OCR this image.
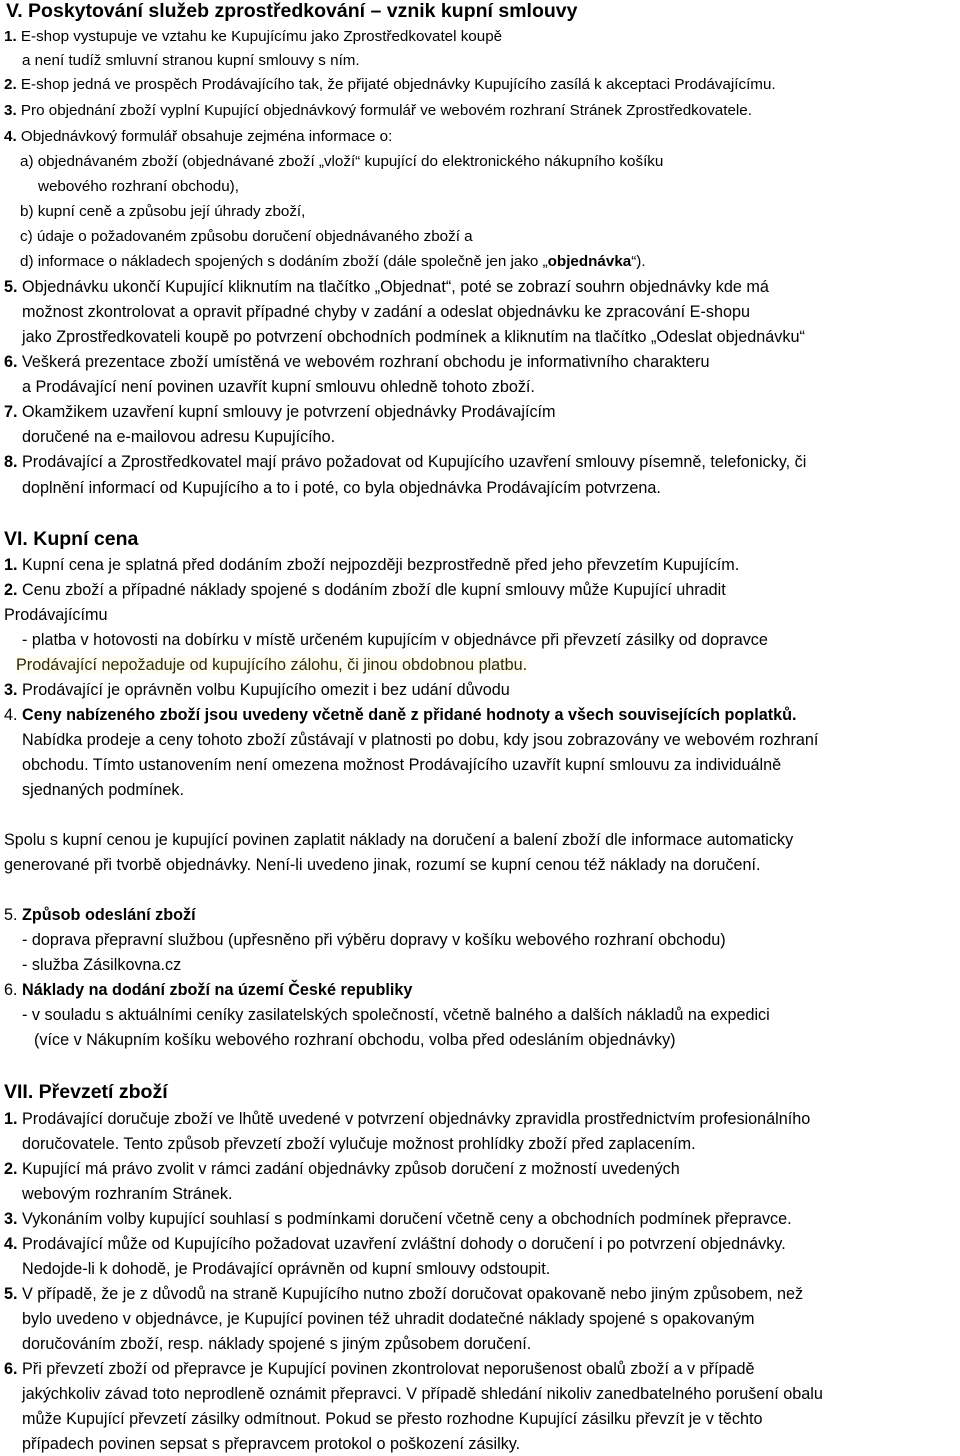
V. Poskytování služeb zprostředkování – vznik kupní smlouvy
1. E-shop vystupuje ve vztahu ke Kupujícímu jako Zprostředkovatel koupě
a není tudíž smluvní stranou kupní smlouvy s ním.
2. E-shop jedná ve prospěch Prodávajícího tak, že přijaté objednávky Kupujícího zasílá k akceptaci Prodávajícímu.
3. Pro objednání zboží vyplní Kupující objednávkový formulář ve webovém rozhraní Stránek Zprostředkovatele.
4. Objednávkový formulář obsahuje zejména informace o:
a) objednávaném zboží (objednávané zboží „vloží“ kupující do elektronického nákupního košíku
webového rozhraní obchodu),
b) kupní ceně a způsobu její úhrady zboží,
c) údaje o požadovaném způsobu doručení objednávaného zboží a
d) informace o nákladech spojených s dodáním zboží (dále společně jen jako „objednávka“).
5. Objednávku ukončí Kupující kliknutím na tlačítko „Objednat“, poté se zobrazí souhrn objednávky kde má
možnost zkontrolovat a opravit případné chyby v zadání a odeslat objednávku ke zpracování E-shopu
jako Zprostředkovateli koupě po potvrzení obchodních podmínek a kliknutím na tlačítko „Odeslat objednávku“
6. Veškerá prezentace zboží umístěná ve webovém rozhraní obchodu je informativního charakteru
a Prodávající není povinen uzavřít kupní smlouvu ohledně tohoto zboží.
7. Okamžikem uzavření kupní smlouvy je potvrzení objednávky Prodávajícím
doručené na e-mailovou adresu Kupujícího.
8. Prodávající a Zprostředkovatel mají právo požadovat od Kupujícího uzavření smlouvy písemně, telefonicky, či
doplnění informací od Kupujícího a to i poté, co byla objednávka Prodávajícím potvrzena.
VI. Kupní cena
1. Kupní cena je splatná před dodáním zboží nejpozději bezprostředně před jeho převzetím Kupujícím.
2. Cenu zboží a případné náklady spojené s dodáním zboží dle kupní smlouvy může Kupující uhradit
Prodávajícímu
- platba v hotovosti na dobírku v místě určeném kupujícím v objednávce při převzetí zásilky od dopravce
Prodávající nepožaduje od kupujícího zálohu, či jinou obdobnou platbu.
3. Prodávající je oprávněn volbu Kupujícího omezit i bez udání důvodu
4. Ceny nabízeného zboží jsou uvedeny včetně daně z přidané hodnoty a všech souvisejících poplatků.
Nabídka prodeje a ceny tohoto zboží zůstávají v platnosti po dobu, kdy jsou zobrazovány ve webovém rozhraní
obchodu. Tímto ustanovením není omezena možnost Prodávajícího uzavřít kupní smlouvu za individuálně
sjednaných podmínek.
Spolu s kupní cenou je kupující povinen zaplatit náklady na doručení a balení zboží dle informace automaticky
generované při tvorbě objednávky. Není-li uvedeno jinak, rozumí se kupní cenou též náklady na doručení.
5. Způsob odeslání zboží
- doprava přepravní službou (upřesněno při výběru dopravy v košíku webového rozhraní obchodu)
- služba Zásilkovna.cz
6. Náklady na dodání zboží na území České republiky
- v souladu s aktuálními ceníky zasilatelských společností, včetně balného a dalších nákladů na expedici
(více v Nákupním košíku webového rozhraní obchodu, volba před odesláním objednávky)
VII. Převzetí zboží
1. Prodávající doručuje zboží ve lhůtě uvedené v potvrzení objednávky zpravidla prostřednictvím profesionálního
doručovatele. Tento způsob převzetí zboží vylučuje možnost prohlídky zboží před zaplacením.
2. Kupující má právo zvolit v rámci zadání objednávky způsob doručení z možností uvedených
webovým rozhraním Stránek.
3. Vykonáním volby kupující souhlasí s podmínkami doručení včetně ceny a obchodních podmínek přepravce.
4. Prodávající může od Kupujícího požadovat uzavření zvláštní dohody o doručení i po potvrzení objednávky.
Nedojde-li k dohodě, je Prodávající oprávněn od kupní smlouvy odstoupit.
5. V případě, že je z důvodů na straně Kupujícího nutno zboží doručovat opakovaně nebo jiným způsobem, než
bylo uvedeno v objednávce, je Kupující povinen též uhradit dodatečné náklady spojené s opakovaným
doručováním zboží, resp. náklady spojené s jiným způsobem doručení.
6. Při převzetí zboží od přepravce je Kupující povinen zkontrolovat neporušenost obalů zboží a v případě
jakýchkoliv závad toto neprodleně oznámit přepravci. V případě shledání nikoliv zanedbatelného porušení obalu
může Kupující převzetí zásilky odmítnout. Pokud se přesto rozhodne Kupující zásilku převzít je v těchto
případech povinen sepsat s přepravcem protokol o poškození zásilky.
